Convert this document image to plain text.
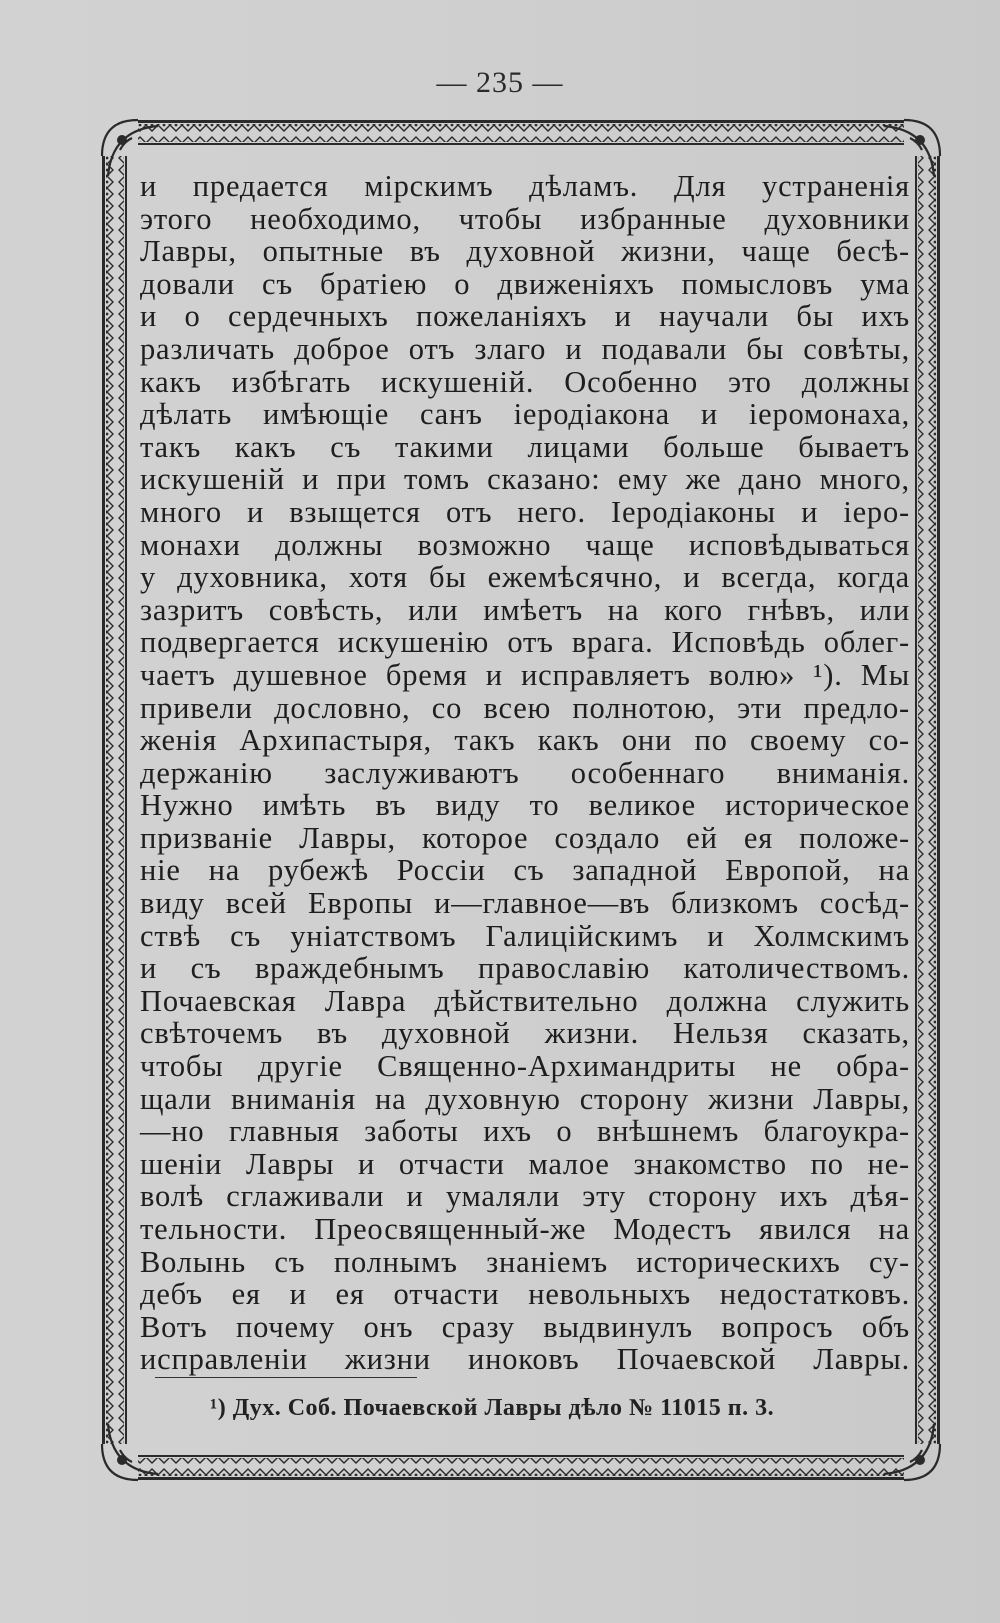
— 235 —
и предается мірскимъ дѣламъ. Для устраненія
этого необходимо, чтобы избранные духовники
Лавры, опытные въ духовной жизни, чаще бесѣ-
довали съ братіею о движеніяхъ помысловъ ума
и о сердечныхъ пожеланіяхъ и научали бы ихъ
различать доброе отъ злаго и подавали бы совѣты,
какъ избѣгать искушеній. Особенно это должны
дѣлать имѣющіе санъ іеродіакона и іеромонаха,
такъ какъ съ такими лицами больше бываетъ
искушеній и при томъ сказано: ему же дано много,
много и взыщется отъ него. Іеродіаконы и іеро-
монахи должны возможно чаще исповѣдываться
у духовника, хотя бы ежемѣсячно, и всегда, когда
зазритъ совѣсть, или имѣетъ на кого гнѣвъ, или
подвергается искушенію отъ врага. Исповѣдь облег-
чаетъ душевное бремя и исправляетъ волю» ¹). Мы
привели дословно, со всею полнотою, эти предло-
женія Архипастыря, такъ какъ они по своему со-
держанію заслуживаютъ особеннаго вниманія.
Нужно имѣть въ виду то великое историческое
призваніе Лавры, которое создало ей ея положе-
ніе на рубежѣ Россіи съ западной Европой, на
виду всей Европы и—главное—въ близкомъ сосѣд-
ствѣ съ уніатствомъ Галицiйскимъ и Холмскимъ
и съ враждебнымъ православію католичествомъ.
Почаевская Лавра дѣйствительно должна служить
свѣточемъ въ духовной жизни. Нельзя сказать,
чтобы другіе Священно-Архимандриты не обра-
щали вниманія на духовную сторону жизни Лавры,
—но главныя заботы ихъ о внѣшнемъ благоукра-
шеніи Лавры и отчасти малое знакомство по не-
волѣ сглаживали и умаляли эту сторону ихъ дѣя-
тельности. Преосвященный-же Модестъ явился на
Волынь съ полнымъ знаніемъ историческихъ су-
дебъ ея и ея отчасти невольныхъ недостатковъ.
Вотъ почему онъ сразу выдвинулъ вопросъ объ
исправленіи жизни иноковъ Почаевской Лавры.
¹) Дух. Соб. Почаевской Лавры дѣло № 11015 п. 3.
